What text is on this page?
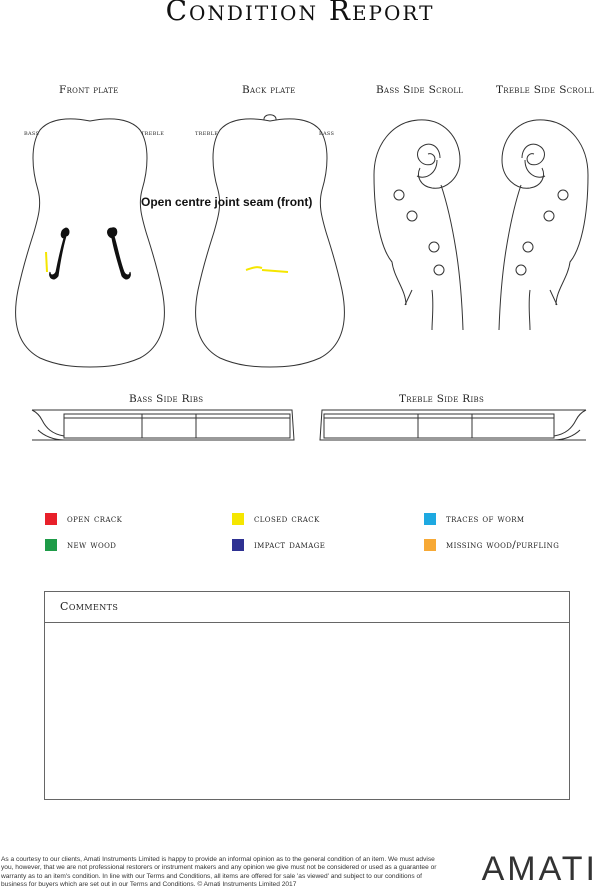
Condition Report
Front plate	Back plate	Bass Side Scroll	Treble Side Scroll
bass	treble	treble	bass
Bass Side Ribs	Treble Side Ribs
Open centre joint seam (front)
open crack	closed crack	traces of worm
new wood	impact damage	missing wood/purfling
Comments
As a courtesy to our clients, Amati Instruments Limited is happy to provide an informal opinion as to the general condition of an item. We must advise you, however, that we are not professional restorers or instrument makers and any opinion we give must not be considered or used as a guarantee or warranty as to an item's condition. In line with our Terms and Conditions, all items are offered for sale 'as viewed' and subject to our conditions of business for buyers which are set out in our Terms and Conditions. © Amati Instruments Limited 2017	AMATI
